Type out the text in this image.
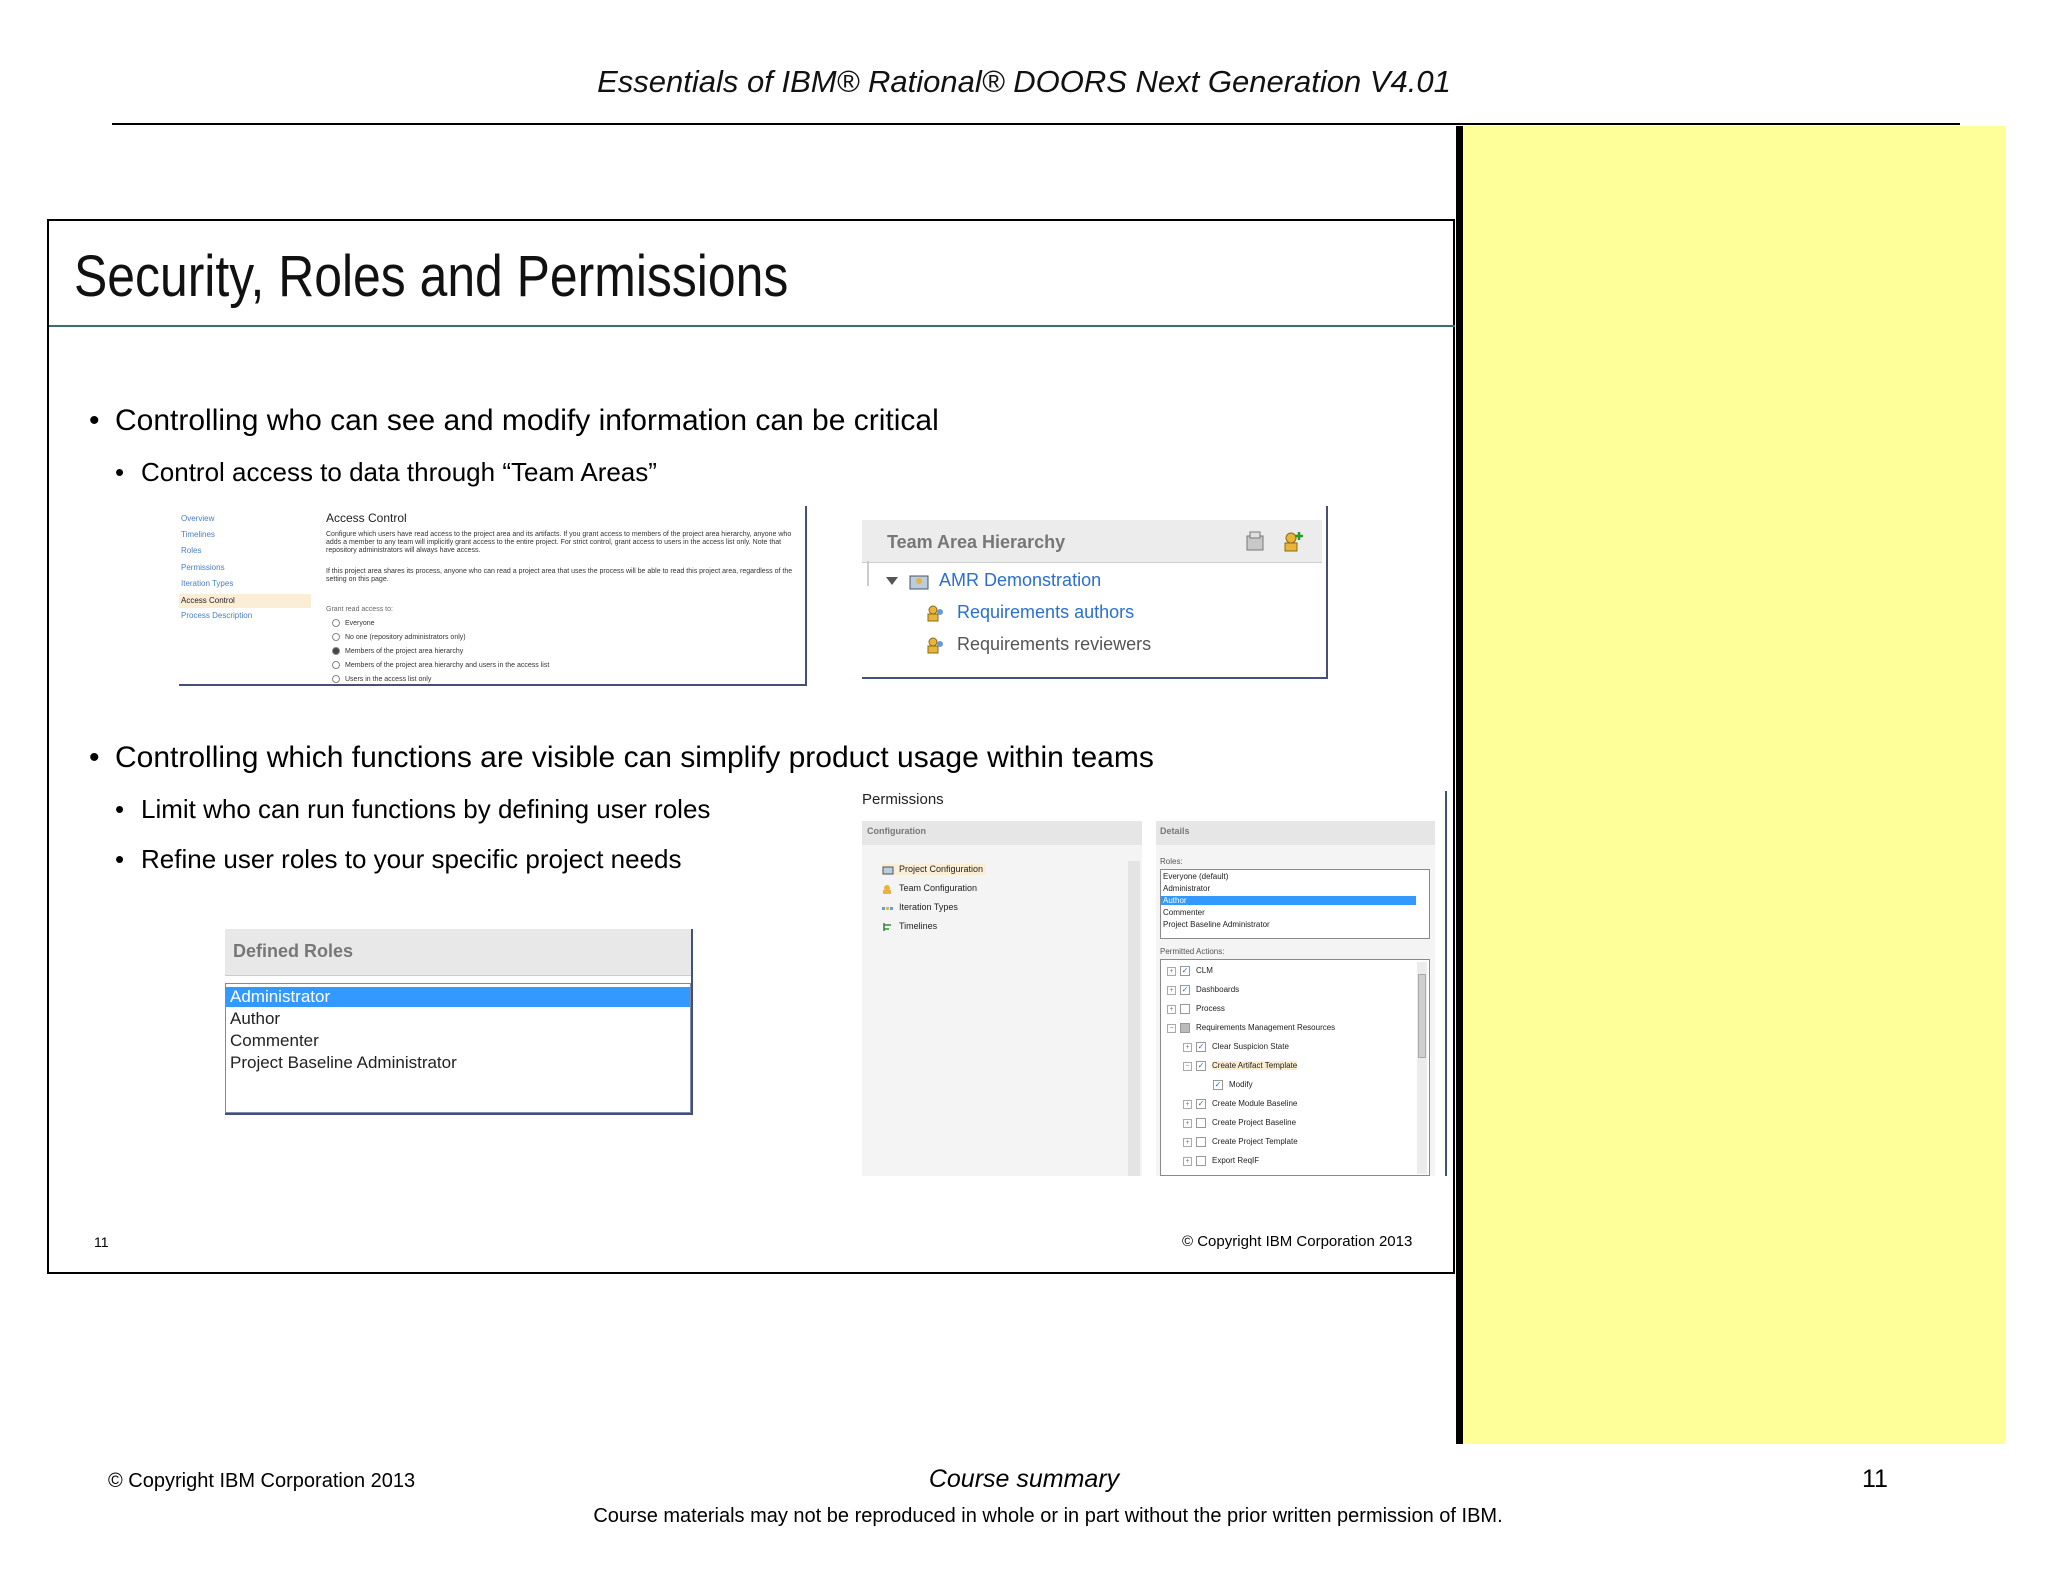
Essentials of IBM® Rational® DOORS Next Generation V4.01
Security, Roles and Permissions
• Controlling who can see and modify information can be critical
• Control access to data through “Team Areas”
Overview
Timelines
Roles
Permissions
Iteration Types
Access Control
Process Description
Access Control
Configure which users have read access to the project area and its artifacts. If you grant access to members of the project area hierarchy, anyone who adds a member to any team will implicitly grant access to the entire project. For strict control, grant access to users in the access list only. Note that repository administrators will always have access.
If this project area shares its process, anyone who can read a project area that uses the process will be able to read this project area, regardless of the setting on this page.
Grant read access to:
Everyone
No one (repository administrators only)
Members of the project area hierarchy
Members of the project area hierarchy and users in the access list
Users in the access list only
Team Area Hierarchy
AMR Demonstration
Requirements authors
Requirements reviewers
• Controlling which functions are visible can simplify product usage within teams
• Limit who can run functions by defining user roles
• Refine user roles to your specific project needs
Defined Roles
Administrator
Author
Commenter
Project Baseline Administrator
Permissions
Configuration
Project Configuration
Team Configuration
Iteration Types
Timelines
Details
Roles:
Everyone (default)
Administrator
Author
Commenter
Project Baseline Administrator
Permitted Actions:
+ ✓ CLM
+ ✓ Dashboards
+	Process
−	Requirements Management Resources
+ ✓ Clear Suspicion State
− ✓ Create Artifact Template
✓ Modify
+ ✓ Create Module Baseline
+	Create Project Baseline
+	Create Project Template
+	Export ReqIF
11	© Copyright IBM Corporation 2013
© Copyright IBM Corporation 2013	Course summary	11
Course materials may not be reproduced in whole or in part without the prior written permission of IBM.
